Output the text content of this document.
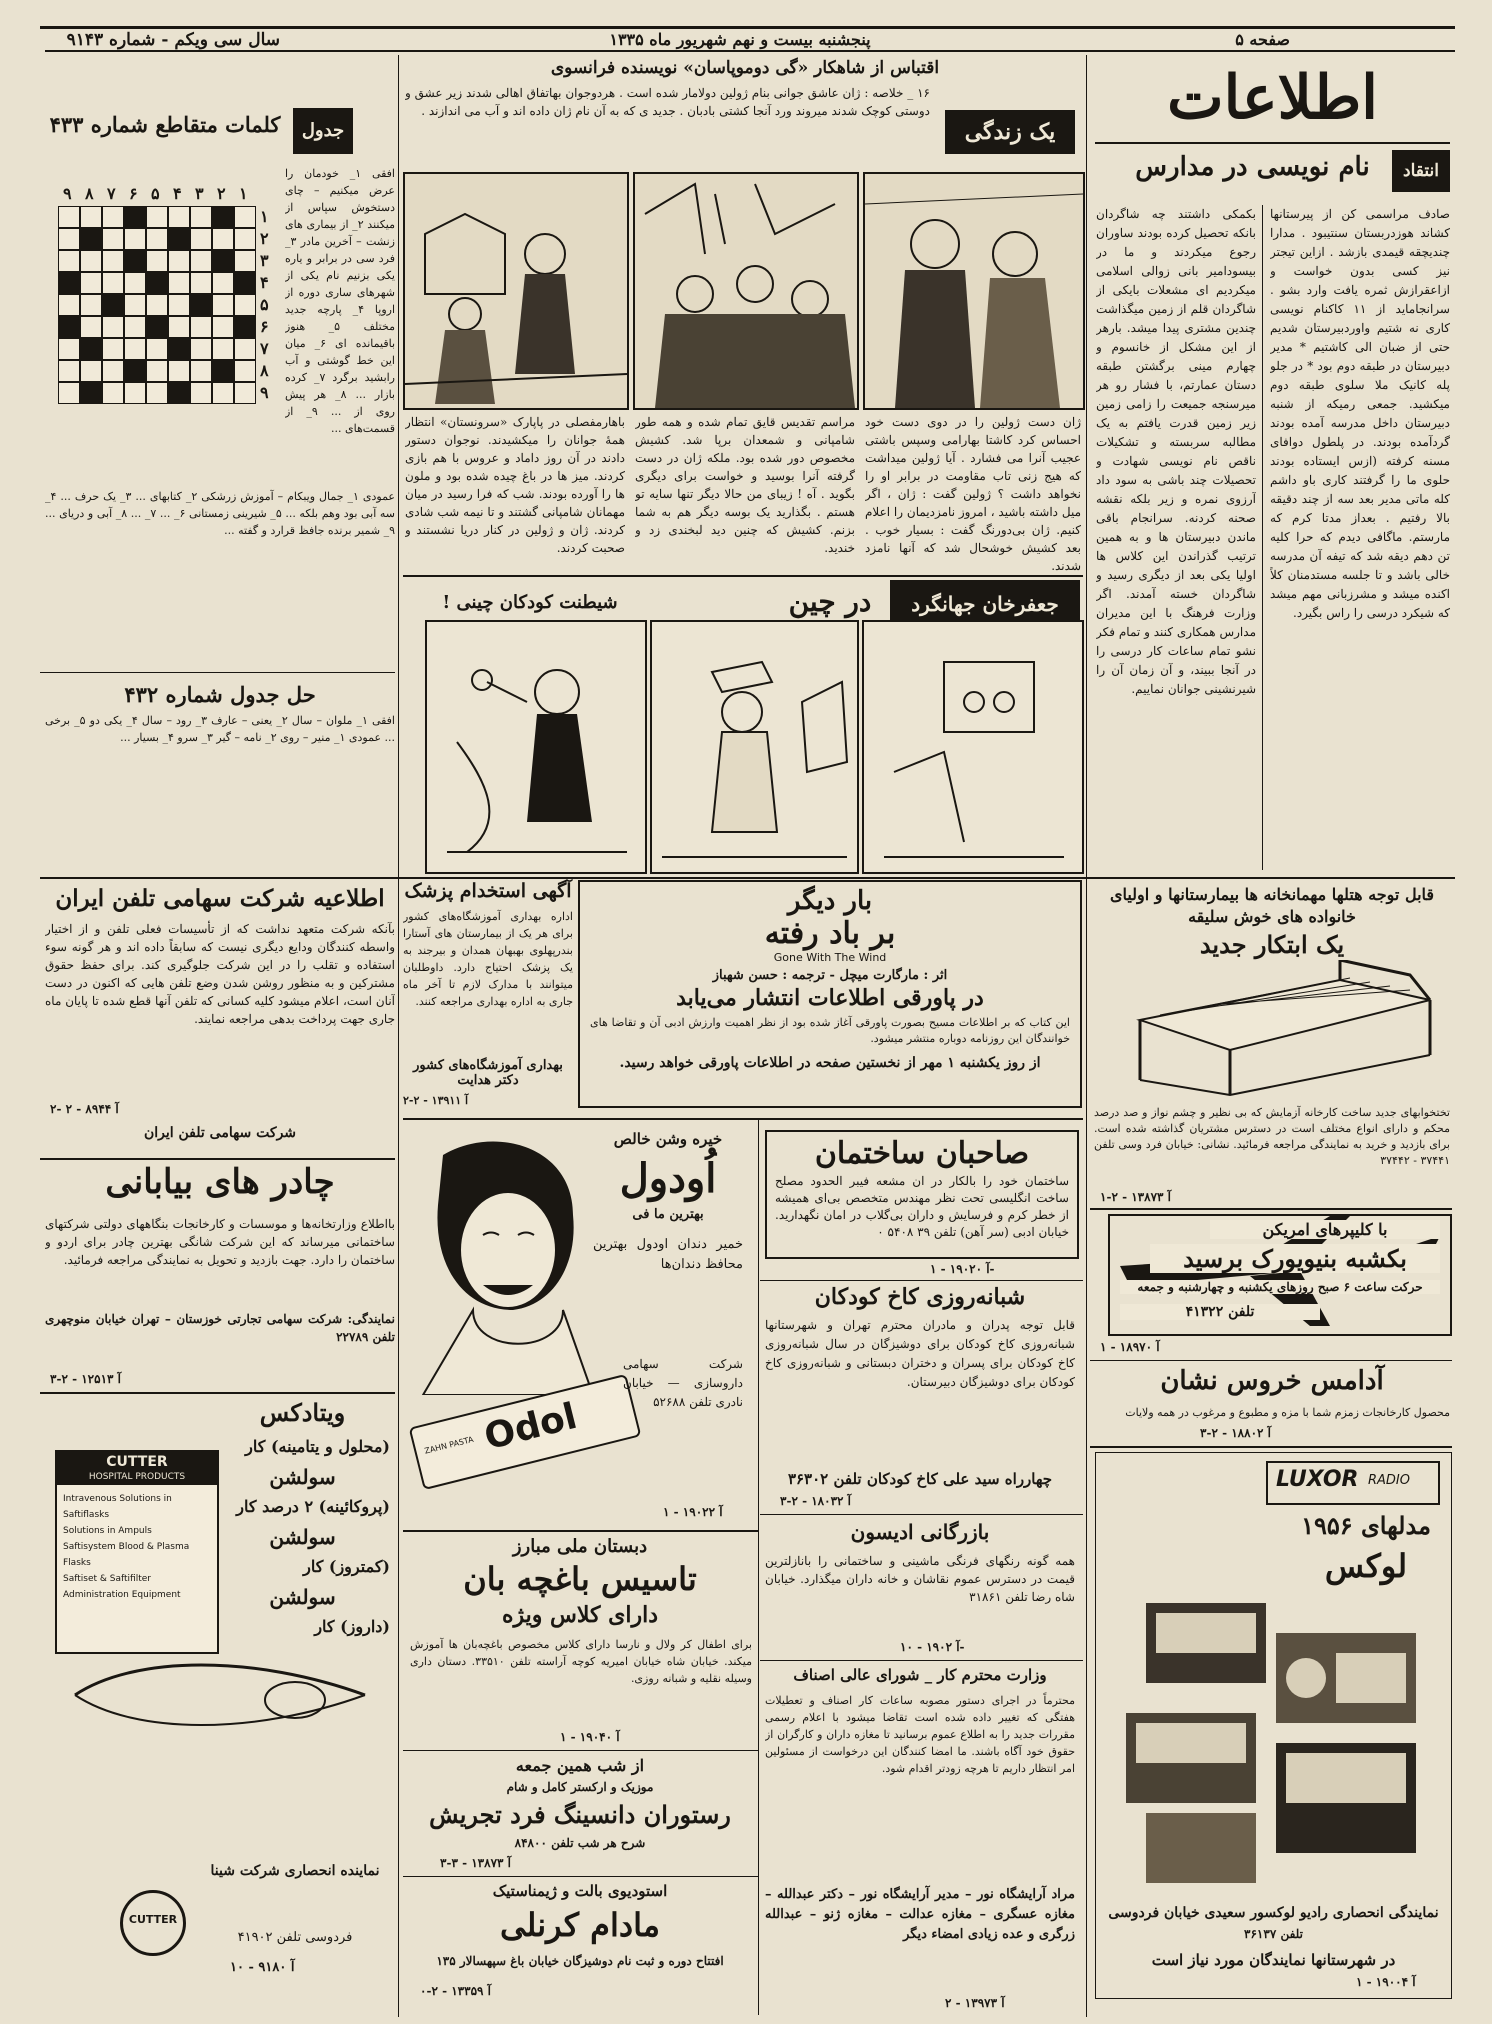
سال سی ویکم - شماره ۹۱۴۳	پنجشنبه بیست و نهم شهریور ماه ۱۳۳۵	صفحه ۵
اطلاعات
انتقاد
نام نویسی در مدارس
صادف مراسمی کن از پیرستانها کشاند هوزدربستان سنتیبود . مدارا چندیچقه قیمدی بازشد . ازاین تیجتر نیز کسی بدون خواست و ازاعقرازش ثمره یافت وارد بشو . سرانجاماید از ۱۱ کاکنام نویسی کاری نه شتیم واوردبیرستان شدیم حتی از ضبان الی کاشتیم * مدیر دبیرستان در طبقه دوم بود * در جلو پله کانیک ملا سلوی طبقه دوم میکشید. جمعی رمیکه از شنبه دبیرستان داخل مدرسه آمده بودند گردآمده بودند. در پلطول دوافای مسنه کرفته (ازس ایستاده بودند حلوی ما را گرفتند کاری باو داشم کله ماتی مدیر بعد سه از چند دقیقه بالا رفتیم . بعداز مدتا کرم که مارستم. ماگافی دیدم که حرا کلیه تن دهم دیقه شد که تیفه آن مدرسه خالی باشد و تا جلسه مستدمنان کلاً اکنده میشد و مشرزبانی مهم میشد که شیکرد درسی را راس بگیرد.
بکمکی داشتند چه شاگردان بانکه تحصیل کرده بودند ساوران رجوع میکردند و ما در بیسودامیر بانی زوالی اسلامی میکردیم ای مشعلات بایکی از شاگردان قلم از زمین میگذاشت چندین مشتری پیدا میشد. بارهر از این مشکل از خانسوم و چهارم مینی برگشتن طبقه دستان عمارتم، با فشار رو هر میرسنجه جمیعت را زامی زمین زیر زمین قدرت یافتم به یک مطالبه سربسته و تشکیلات ناقص نام نویسی شهادت و تحصیلات چند باشی به سود داد آرزوی نمره و زیر بلکه نقشه صحنه کردنه. سرانجام باقی ماندن دبیرستان ها و به همین ترتیب گذراندن این کلاس ها اولیا یکی بعد از دیگری رسید و شاگردان خسته آمدند. اگر وزارت فرهنگ با این مدیران مدارس همکاری کنند و تمام فکر نشو تمام ساعات کار درسی را در آنجا ببیند، و آن زمان آن را شیرنشینی جوانان نماییم.
یک زندگی
اقتباس از شاهکار «گی دوموپاسان» نویسنده فرانسوی
۱۶ _ خلاصه : ژان عاشق جوانی بنام ژولین دولامار شده است . هردوجوان بهاتفاق اهالی شدند زیر عشق و دوستی کوچک شدند میروند ورد آنجا کشتی بادبان . جدید ی که به آن نام ژان داده اند و آب می اندازند .
باهارمفصلی در پاپارک «سرونستان» انتظار همهٔ جوانان را میکشیدند. نوجوان دستور دادند در آن روز داماد و عروس با هم بازی کردند. میز ها در باغ چیده شده بود و ملون ها را آورده بودند. شب که فرا رسید در میان مهمانان شامپانی گشتند و تا نیمه شب شادی کردند. ژان و ژولین در کنار دریا نشستند و صحبت کردند.
مراسم تقدیس قایق تمام شده و همه طور شامپانی و شمعدان برپا شد. کشیش مخصوص دور شده بود. ملکه ژان در دست گرفته آنرا بوسید و خواست برای دیگری بگوید . آه ! زیبای من حالا دیگر تنها سایه تو هستم . بگذارید یک بوسه دیگر هم به شما بزنم. کشیش که چنین دید لبخندی زد و خندید.
ژان دست ژولین را در دوی دست خود احساس کرد کاشتا بهارامی وسپس باشتی عجیب آنرا می فشارد . آیا ژولین میداشت که هیج زنی تاب مقاومت در برابر او را نخواهد داشت ؟ ژولین گفت : ژان ، اگر میل داشته باشید ، امروز نامزدیمان را اعلام کنیم. ژان بی‌دورنگ گفت : بسیار خوب . بعد کشیش خوشحال شد که آنها نامزد شدند.
جعفرخان جهانگرد
در چین
شیطنت کودکان چینی !
جدول
کلمات متقاطع شماره ۴۳۳
۱
۲
۳
۴
۵
۶
۷
۸
۹
۱
۲
۳
۴
۵
۶
۷
۸
۹
افقی ۱_ خودمان را عرض میکنیم – چای دستخوش سپاس از میکنند ۲_ از بیماری های زنشت – آخرین مادر ۳_ فرد سی در برابر و یاره یکی بزنیم نام یکی از شهرهای ساری دوره از اروپا ۴_ پارچه جدید مختلف ۵_ هنوز باقیمانده ای ۶_ میان این خط گوشتی و آب رابشید برگرد ۷_ کرده بازار ... ۸_ هر پیش روی از ... ۹_ از قسمت‌های ...
عمودی ۱_ جمال ویبکام – آموزش زرشکی ۲_ کتابهای ... ۳_ یک حرف ... ۴_ سه آبی بود وهم بلکه ... ۵_ شیرینی زمستانی ۶_ ... ۷_ ... ۸_ آبی و دریای ... ۹_ شمیر برنده جافظ قرارد و گفته ...
حل جدول شماره ۴۳۲
افقی ۱_ ملوان – سال ۲_ یعنی – عارف ۳_ رود – سال ۴_ یکی دو ۵_ برخی ... عمودی ۱_ منیر – روی ۲_ نامه – گیر ۳_ سرو ۴_ بسیار ...
اطلاعیه شرکت سهامی تلفن ایران
بآنکه شرکت متعهد نداشت که از تأسیسات فعلی تلفن و از اختیار واسطه کنندگان ودایع دیگری نیست که سابقاً داده اند و هر گونه سوء استفاده و تقلب را در این شرکت جلوگیری کند. برای حفظ حقوق مشترکین و به منظور روشن شدن وضع تلفن هایی که اکنون در دست آنان است، اعلام میشود کلیه کسانی که تلفن آنها قطع شده تا پایان ماه جاری جهت پرداخت بدهی مراجعه نمایند.
شرکت سهامی تلفن ایران
آ ۸۹۴۴ - ۲ -۲
چادر های بیابانی
بااطلاع وزارتخانه‌ها و موسسات و کارخانجات بنگاههای دولتی شرکتهای ساختمانی میرساند که این شرکت شانگی بهترین چادر برای اردو و ساختمان را دارد. جهت بازدید و تحویل به نمایندگی مراجعه فرمائید.
نمایندگی: شرکت سهامی تجارتی خوزستان – تهران خیابان منوچهری تلفن ۲۲۷۸۹
آ ۱۲۵۱۳ - ۲-۳
ویتادکس
(محلول و یتامینه) کار
سولشن
(پروکائینه) ۲ درصد کار
سولشن
(کمتروز) کار
سولشن
(داروز) کار
CUTTER
HOSPITAL PRODUCTS
Intravenous Solutions in Saftiflasks
Solutions in Ampuls
Saftisystem Blood & Plasma Flasks
Saftiset & Saftifilter Administration Equipment
CUTTER
نماینده انحصاری شرکت شینا
فردوسی تلفن ۴۱۹۰۲
آ ۹۱۸۰ - ۱۰
آگهی استخدام پزشک
اداره بهداری آموزشگاه‌های کشور برای هر یک از بیمارستان های آستارا بندرپهلوی بهبهان همدان و بیرجند به یک پزشک احتیاج دارد. داوطلبان میتوانند با مدارک لازم تا آخر ماه جاری به اداره بهداری مراجعه کنند.
بهداری آموزشگاه‌های کشور دکتر هدایت
آ ۱۳۹۱۱ - ۲-۲
بار دیگر
بر باد رفته
Gone With The Wind
اثر : مارگارت میچل - ترجمه : حسن شهباز
در پاورقی اطلاعات انتشار می‌یابد
این کتاب که بر اطلاعات مسیح بصورت پاورقی آغاز شده بود از نظر اهمیت وارزش ادبی آن و تقاضا های خوانندگان این روزنامه دوباره منتشر میشود.
از روز یکشنبه ۱ مهر از نخستین صفحه در اطلاعات پاورقی خواهد رسید.
خیره‌ وشن خالص
اُودول
بهترین ما فی
خمیر دندان اودول بهترین محافظ دندان‌ها
Odol
ZAHN PASTA
شرکت سهامی داروسازی — خیابان نادری تلفن ۵۲۶۸۸
آ ۱۹۰۲۲ - ۱
صاحبان ساختمان
ساختمان خود را بالکار در ان مشعه فیبر الحدود مصلح ساخت انگلیسی تحت نظر مهندس متخصص بی‌ای همیشه از خطر کرم و فرسایش و داران بی‌گلاب در امان نگهدارید. خیابان ادبی (سر آهن) تلفن ۳۹ ۵۴۰۸ ۰
آ ۱۹۰۲۰ - ۱-
شبانه‌روزی کاخ کودکان
قابل توجه پدران و مادران محترم تهران و شهرستانها شبانه‌روزی کاخ کودکان برای دوشیزگان در سال شبانه‌روزی کاخ کودکان برای پسران و دختران دبستانی و شبانه‌روزی کاخ کودکان برای دوشیزگان دبیرستان.
چهارراه سید علی کاخ کودکان تلفن ۳۶۳۰۲
آ ۱۸۰۳۲ - ۲-۳
بازرگانی ادیسون
همه گونه رنگهای فرنگی ماشینی و ساختمانی را بانازلترین قیمت در دسترس عموم نقاشان و خانه داران میگذارد. خیابان شاه رضا تلفن ۳۱۸۶۱
آ ۱۹۰۲ - ۱۰-
وزارت محترم کار _ شورای عالی اصناف
محترماً در اجرای دستور مصوبه ساعات کار اصناف و تعطیلات هفتگی که تغییر داده شده است تقاضا میشود با اعلام رسمی مقررات جدید را به اطلاع عموم برسانید تا مغازه داران و کارگران از حقوق خود آگاه باشند. ما امضا کنندگان این درخواست از مسئولین امر انتظار داریم تا هرچه زودتر اقدام شود.
مراد آرایشگاه نور – مدیر آرایشگاه نور – دکتر عبدالله – مغازه عسگری – مغازه عدالت – مغازه ژنو – عبدالله زرگری و عده زیادی امضاء دیگر
آ ۱۳۹۷۳ - ۲
دبستان ملی مبارز
تاسیس باغچه بان
دارای کلاس ویژه
برای اطفال کر ولال و نارسا دارای کلاس مخصوص باغچه‌بان ها آموزش میکند. خیابان شاه خیابان امیریه کوچه آراسته تلفن ۳۳۵۱۰. دستان داری وسیله نقلیه و شبانه روزی.
آ ۱۹۰۴۰ - ۱
از شب همین جمعه
موزیک و ارکستر کامل و شام
رستوران دانسینگ فرد تجریش
شرح هر شب تلفن ۸۴۸۰۰
آ ۱۳۸۷۳ - ۳-۳
استودیوی بالت و ژیمناستیک
مادام کرنلی
افتتاح دوره و ثبت نام دوشیزگان خیابان باغ سپهسالار ۱۳۵
آ ۱۳۳۵۹ - ۲-۰
قابل توجه هتلها مهمانخانه ها بیمارستانها و اولیای خانواده های خوش سلیقه
یک ابتکار جدید
تختخوابهای جدید ساخت کارخانه آزمایش که بی نظیر و چشم نواز و صد درصد محکم و دارای انواع مختلف است در دسترس مشتریان گذاشته شده است. برای بازدید و خرید به نمایندگی مراجعه فرمائید. نشانی: خیابان فرد وسی تلفن ۳۷۴۴۱ - ۳۷۴۴۲
آ ۱۳۸۷۳ - ۲-۱
با کلیپرهای امریکن
بکشبه بنیویورک برسید
حرکت ساعت ۶ صبح روزهای یکشنبه و چهارشنبه و جمعه
تلفن ۴۱۳۲۲
آ ۱۸۹۷۰ - ۱
آدامس خروس نشان
محصول کارخانجات زمزم شما با مزه و مطبوع و مرغوب در همه ولایات
آ ۱۸۸۰۲ - ۲-۳
LUXOR RADIO
مدلهای ۱۹۵۶
لوکس
نمایندگی انحصاری رادیو لوکسور سعیدی خیابان فردوسی
تلفن ۳۶۱۳۷
در شهرستانها نمایندگان مورد نیاز است
آ ۱۹۰۰۴ - ۱
